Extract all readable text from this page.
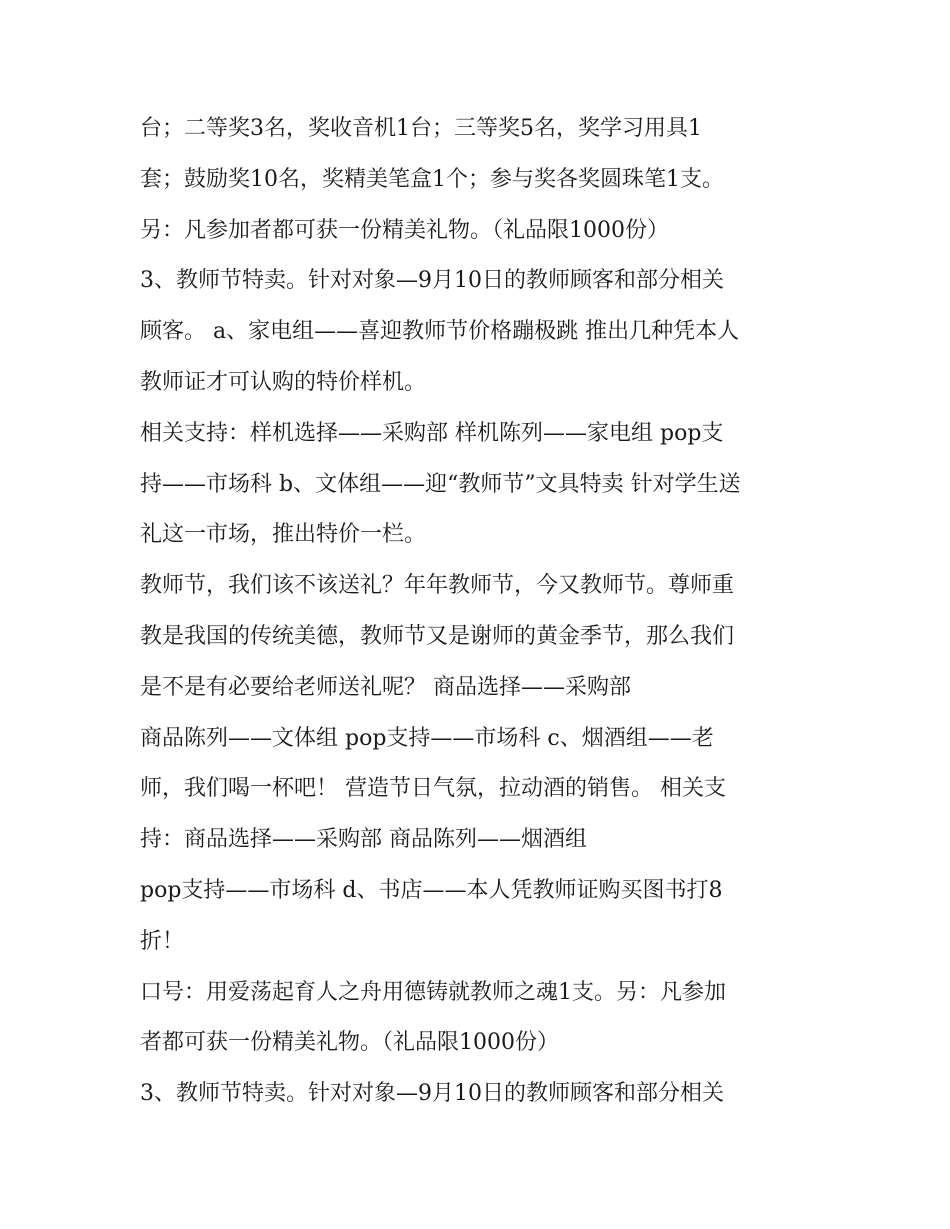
台；二等奖3名，奖收音机1台；三等奖5名，奖学习用具1
套；鼓励奖10名，奖精美笔盒1个；参与奖各奖圆珠笔1支。
另：凡参加者都可获一份精美礼物。（礼品限1000份）
3、教师节特卖。针对对象—9月10日的教师顾客和部分相关
顾客。 a、家电组——喜迎教师节价格蹦极跳 推出几种凭本人
教师证才可认购的特价样机。
相关支持：样机选择——采购部 样机陈列——家电组 pop支
持——市场科 b、文体组——迎“教师节”文具特卖 针对学生送
礼这一市场，推出特价一栏。
教师节，我们该不该送礼？年年教师节，今又教师节。尊师重
教是我国的传统美德，教师节又是谢师的黄金季节，那么我们
是不是有必要给老师送礼呢？ 商品选择——采购部
商品陈列——文体组 pop支持——市场科 c、烟酒组——老
师，我们喝一杯吧！ 营造节日气氛，拉动酒的销售。 相关支
持：商品选择——采购部 商品陈列——烟酒组
pop支持——市场科 d、书店——本人凭教师证购买图书打8
折！
口号：用爱荡起育人之舟用德铸就教师之魂1支。另：凡参加
者都可获一份精美礼物。（礼品限1000份）
3、教师节特卖。针对对象—9月10日的教师顾客和部分相关
